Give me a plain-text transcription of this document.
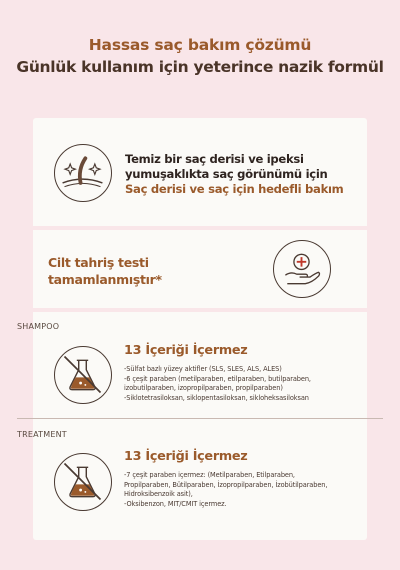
Hassas saç bakım çözümü
Günlük kullanım için yeterince nazik formül
Temiz bir saç derisi ve ipeksi
yumuşaklıkta saç görünümü için
Saç derisi ve saç için hedefli bakım
Cilt tahriş testi
tamamlanmıştır*
SHAMPOO
13 İçeriği İçermez
-Sülfat bazlı yüzey aktifler (SLS, SLES, ALS, ALES)
-6 çeşit paraben (metilparaben, etilparaben, butilparaben,
izobutilparaben, izopropilparaben, propilparaben)
-Siklotetrasiloksan, siklopentasiloksan, sikloheksasiloksan
TREATMENT
13 İçeriği İçermez
-7 çeşit paraben içermez: (Metilparaben, Etilparaben,
Propilparaben, Bütilparaben, İzopropilparaben, İzobütilparaben,
Hidroksibenzoik asit),
-Oksibenzon, MIT/CMIT içermez.
